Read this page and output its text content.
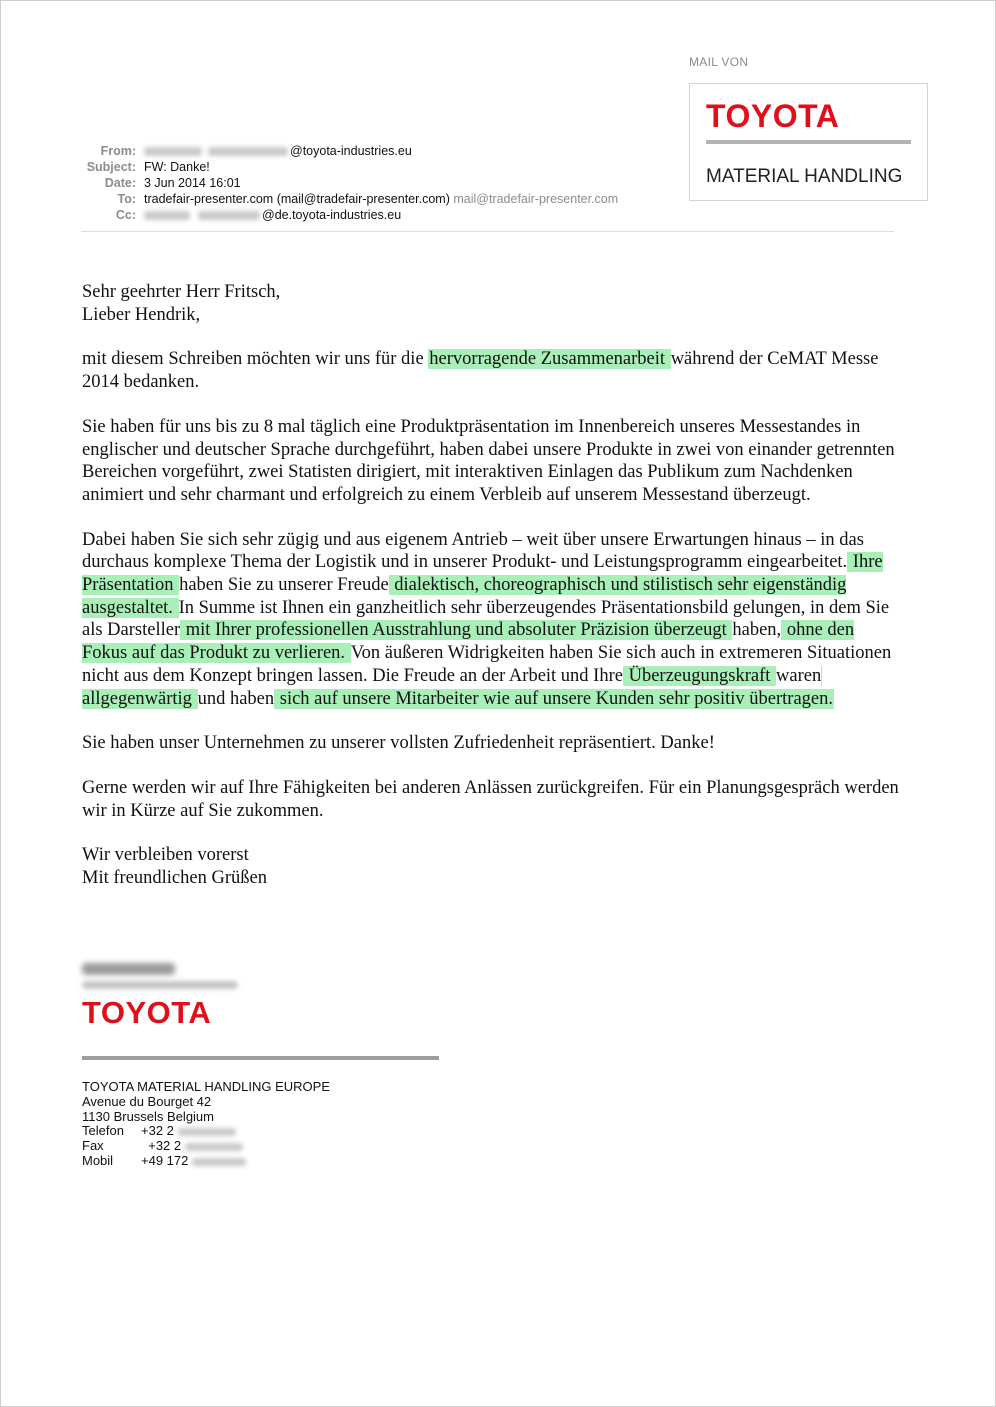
MAIL VON
TOYOTA
MATERIAL HANDLING
From:	@toyota-industries.eu
Subject: FW: Danke!
Date: 3 Jun 2014 16:01
To: tradefair-presenter.com (mail@tradefair-presenter.com) mail@tradefair-presenter.com
Cc:	@de.toyota-industries.eu

Sehr geehrter Herr Fritsch,
Lieber Hendrik,

mit diesem Schreiben möchten wir uns für die hervorragende Zusammenarbeit während der CeMAT Messe 2014 bedanken.

Sie haben für uns bis zu 8 mal täglich eine Produktpräsentation im Innenbereich unseres Messestandes in englischer und deutscher Sprache durchgeführt, haben dabei unsere Produkte in zwei von einander getrennten Bereichen vorgeführt, zwei Statisten dirigiert, mit interaktiven Einlagen das Publikum zum Nachdenken animiert und sehr charmant und erfolgreich zu einem Verbleib auf unserem Messestand überzeugt.

Dabei haben Sie sich sehr zügig und aus eigenem Antrieb – weit über unsere Erwartungen hinaus – in das durchaus komplexe Thema der Logistik und in unserer Produkt- und Leistungsprogramm eingearbeitet. Ihre Präsentation haben Sie zu unserer Freude dialektisch, choreographisch und stilistisch sehr eigenständig ausgestaltet. In Summe ist Ihnen ein ganzheitlich sehr überzeugendes Präsentationsbild gelungen, in dem Sie als Darsteller mit Ihrer professionellen Ausstrahlung und absoluter Präzision überzeugt haben, ohne den Fokus auf das Produkt zu verlieren. Von äußeren Widrigkeiten haben Sie sich auch in extremeren Situationen nicht aus dem Konzept bringen lassen. Die Freude an der Arbeit und Ihre Überzeugungskraft waren allgegenwärtig und haben sich auf unsere Mitarbeiter wie auf unsere Kunden sehr positiv übertragen.

Sie haben unser Unternehmen zu unserer vollsten Zufriedenheit repräsentiert. Danke!

Gerne werden wir auf Ihre Fähigkeiten bei anderen Anlässen zurückgreifen. Für ein Planungsgespräch werden wir in Kürze auf Sie zukommen.

Wir verbleiben vorerst
Mit freundlichen Grüßen

TOYOTA
TOYOTA MATERIAL HANDLING EUROPE
Avenue du Bourget 42
1130 Brussels Belgium
Telefon +32 2
Fax	+32 2
Mobil +49 172
